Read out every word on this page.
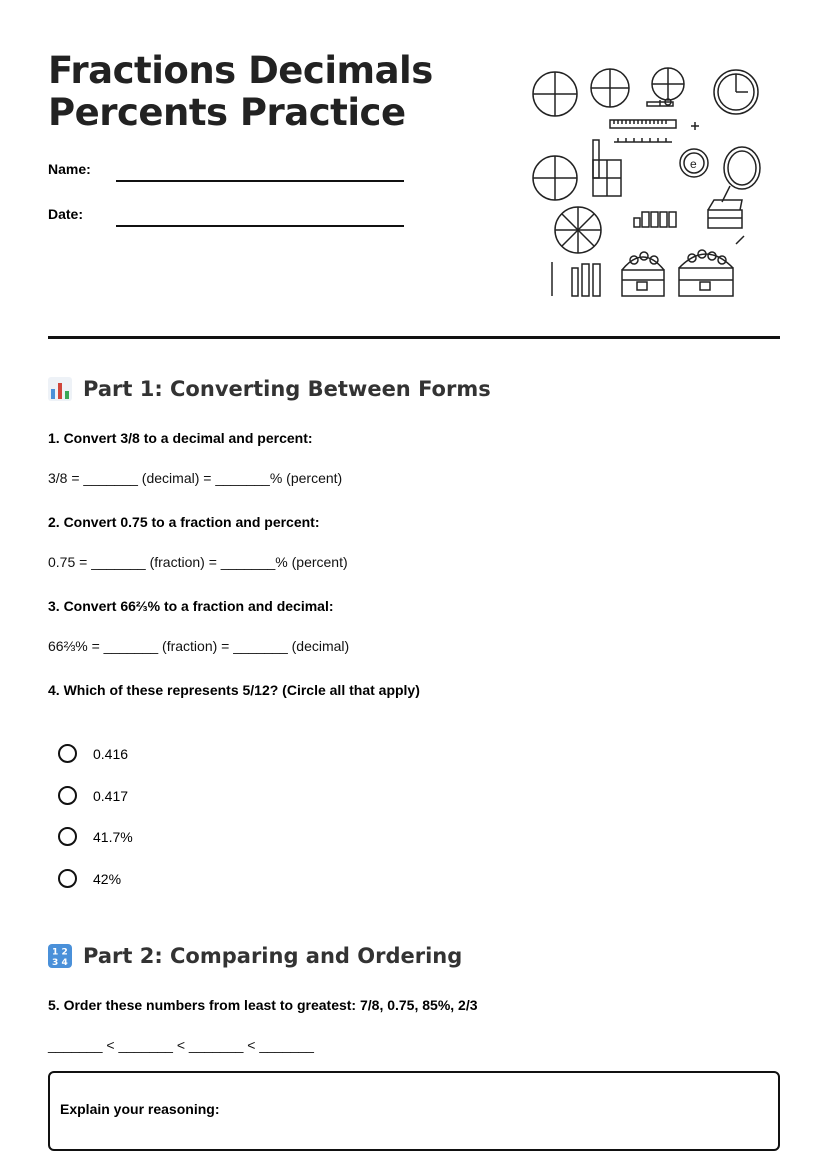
Fractions Decimals
Percents Practice
Name:
Date:
e
Part 1: Converting Between Forms
1. Convert 3/8 to a decimal and percent:
3/8 = _______ (decimal) = _______% (percent)
2. Convert 0.75 to a fraction and percent:
0.75 = _______ (fraction) = _______% (percent)
3. Convert 66⅔% to a fraction and decimal:
66⅔% = _______ (fraction) = _______ (decimal)
4. Which of these represents 5/12? (Circle all that apply)
0.416
0.417
41.7%
42%
1 2
3 4 Part 2: Comparing and Ordering
5. Order these numbers from least to greatest: 7/8, 0.75, 85%, 2/3
_______ < _______ < _______ < _______
Explain your reasoning:
